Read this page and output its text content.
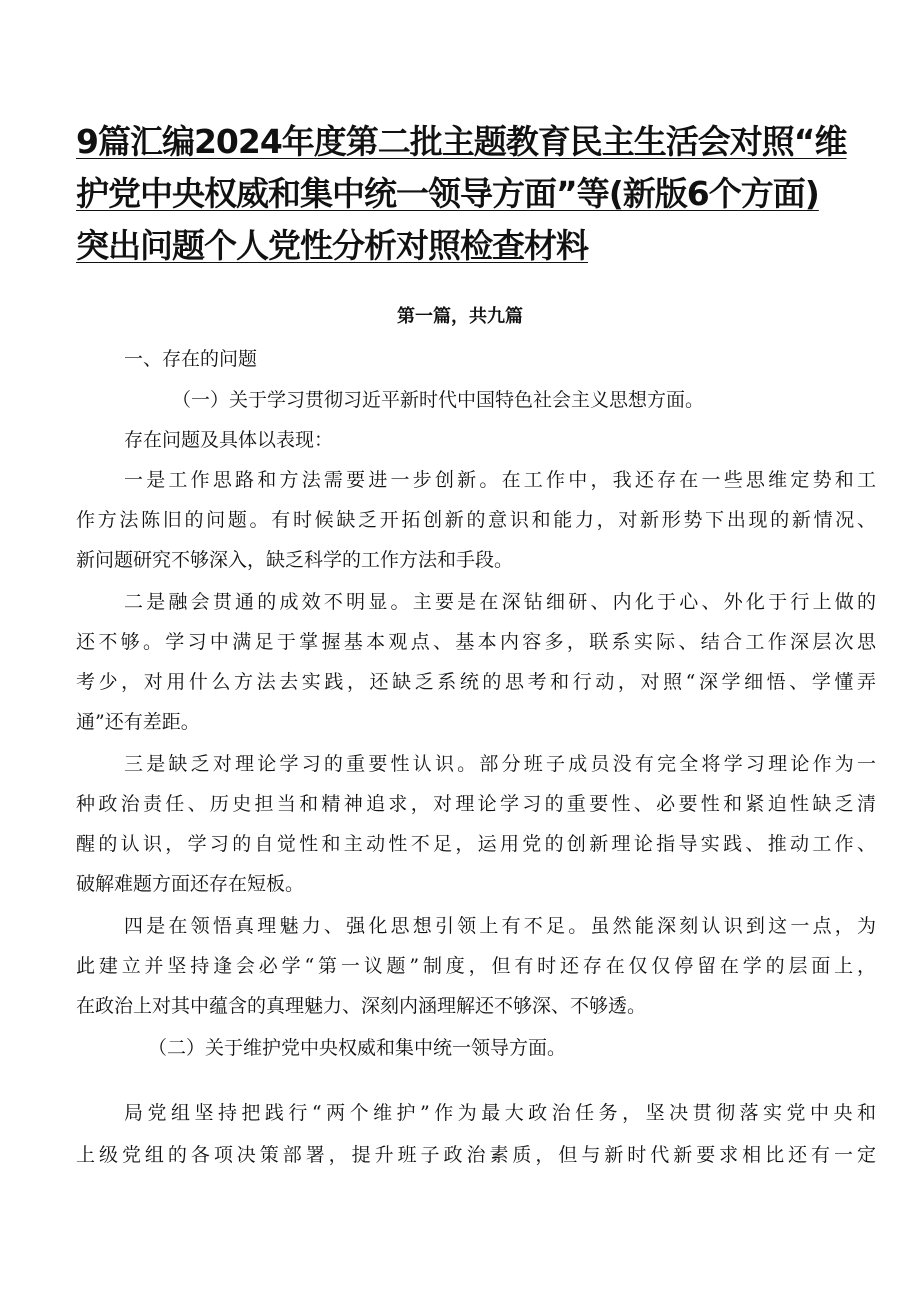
9篇汇编2024年度第二批主题教育民主生活会对照“维
护党中央权威和集中统一领导方面”等(新版6个方面)
突出问题个人党性分析对照检查材料
第一篇，共九篇
一、存在的问题
（一）关于学习贯彻习近平新时代中国特色社会主义思想方面。
存在问题及具体以表现：
一是工作思路和方法需要进一步创新。在工作中，我还存在一些思维定势和工
作方法陈旧的问题。有时候缺乏开拓创新的意识和能力，对新形势下出现的新情况、
新问题研究不够深入，缺乏科学的工作方法和手段。
二是融会贯通的成效不明显。主要是在深钻细研、内化于心、外化于行上做的
还不够。学习中满足于掌握基本观点、基本内容多，联系实际、结合工作深层次思
考少，对用什么方法去实践，还缺乏系统的思考和行动，对照“深学细悟、学懂弄
通”还有差距。
三是缺乏对理论学习的重要性认识。部分班子成员没有完全将学习理论作为一
种政治责任、历史担当和精神追求，对理论学习的重要性、必要性和紧迫性缺乏清
醒的认识，学习的自觉性和主动性不足，运用党的创新理论指导实践、推动工作、
破解难题方面还存在短板。
四是在领悟真理魅力、强化思想引领上有不足。虽然能深刻认识到这一点，为
此建立并坚持逢会必学“第一议题”制度，但有时还存在仅仅停留在学的层面上，
在政治上对其中蕴含的真理魅力、深刻内涵理解还不够深、不够透。
（二）关于维护党中央权威和集中统一领导方面。
局党组坚持把践行“两个维护”作为最大政治任务，坚决贯彻落实党中央和
上级党组的各项决策部署，提升班子政治素质，但与新时代新要求相比还有一定
